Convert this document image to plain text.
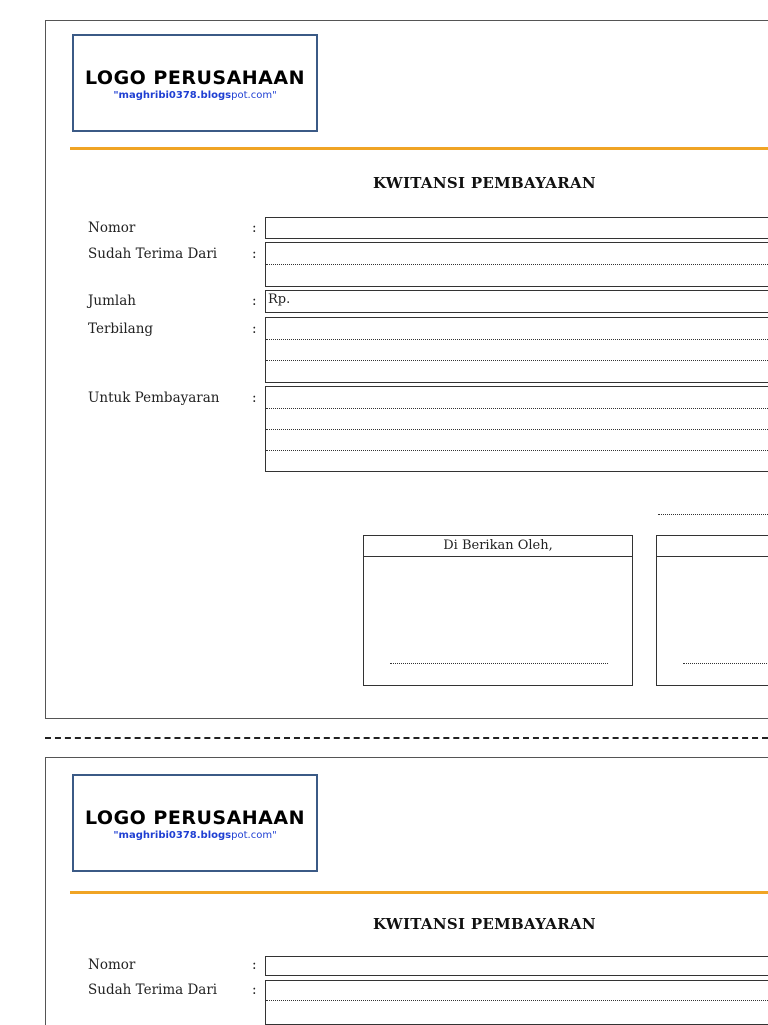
LOGO PERUSAHAAN
"maghribi0378.blogspot.com"
KWITANSI PEMBAYARAN
Nomor	:
Sudah Terima Dari	:
Jumlah	: Rp.
Terbilang	:
Untuk Pembayaran :
Di Berikan Oleh,
LOGO PERUSAHAAN
"maghribi0378.blogspot.com"
KWITANSI PEMBAYARAN
Nomor	:
Sudah Terima Dari	:
